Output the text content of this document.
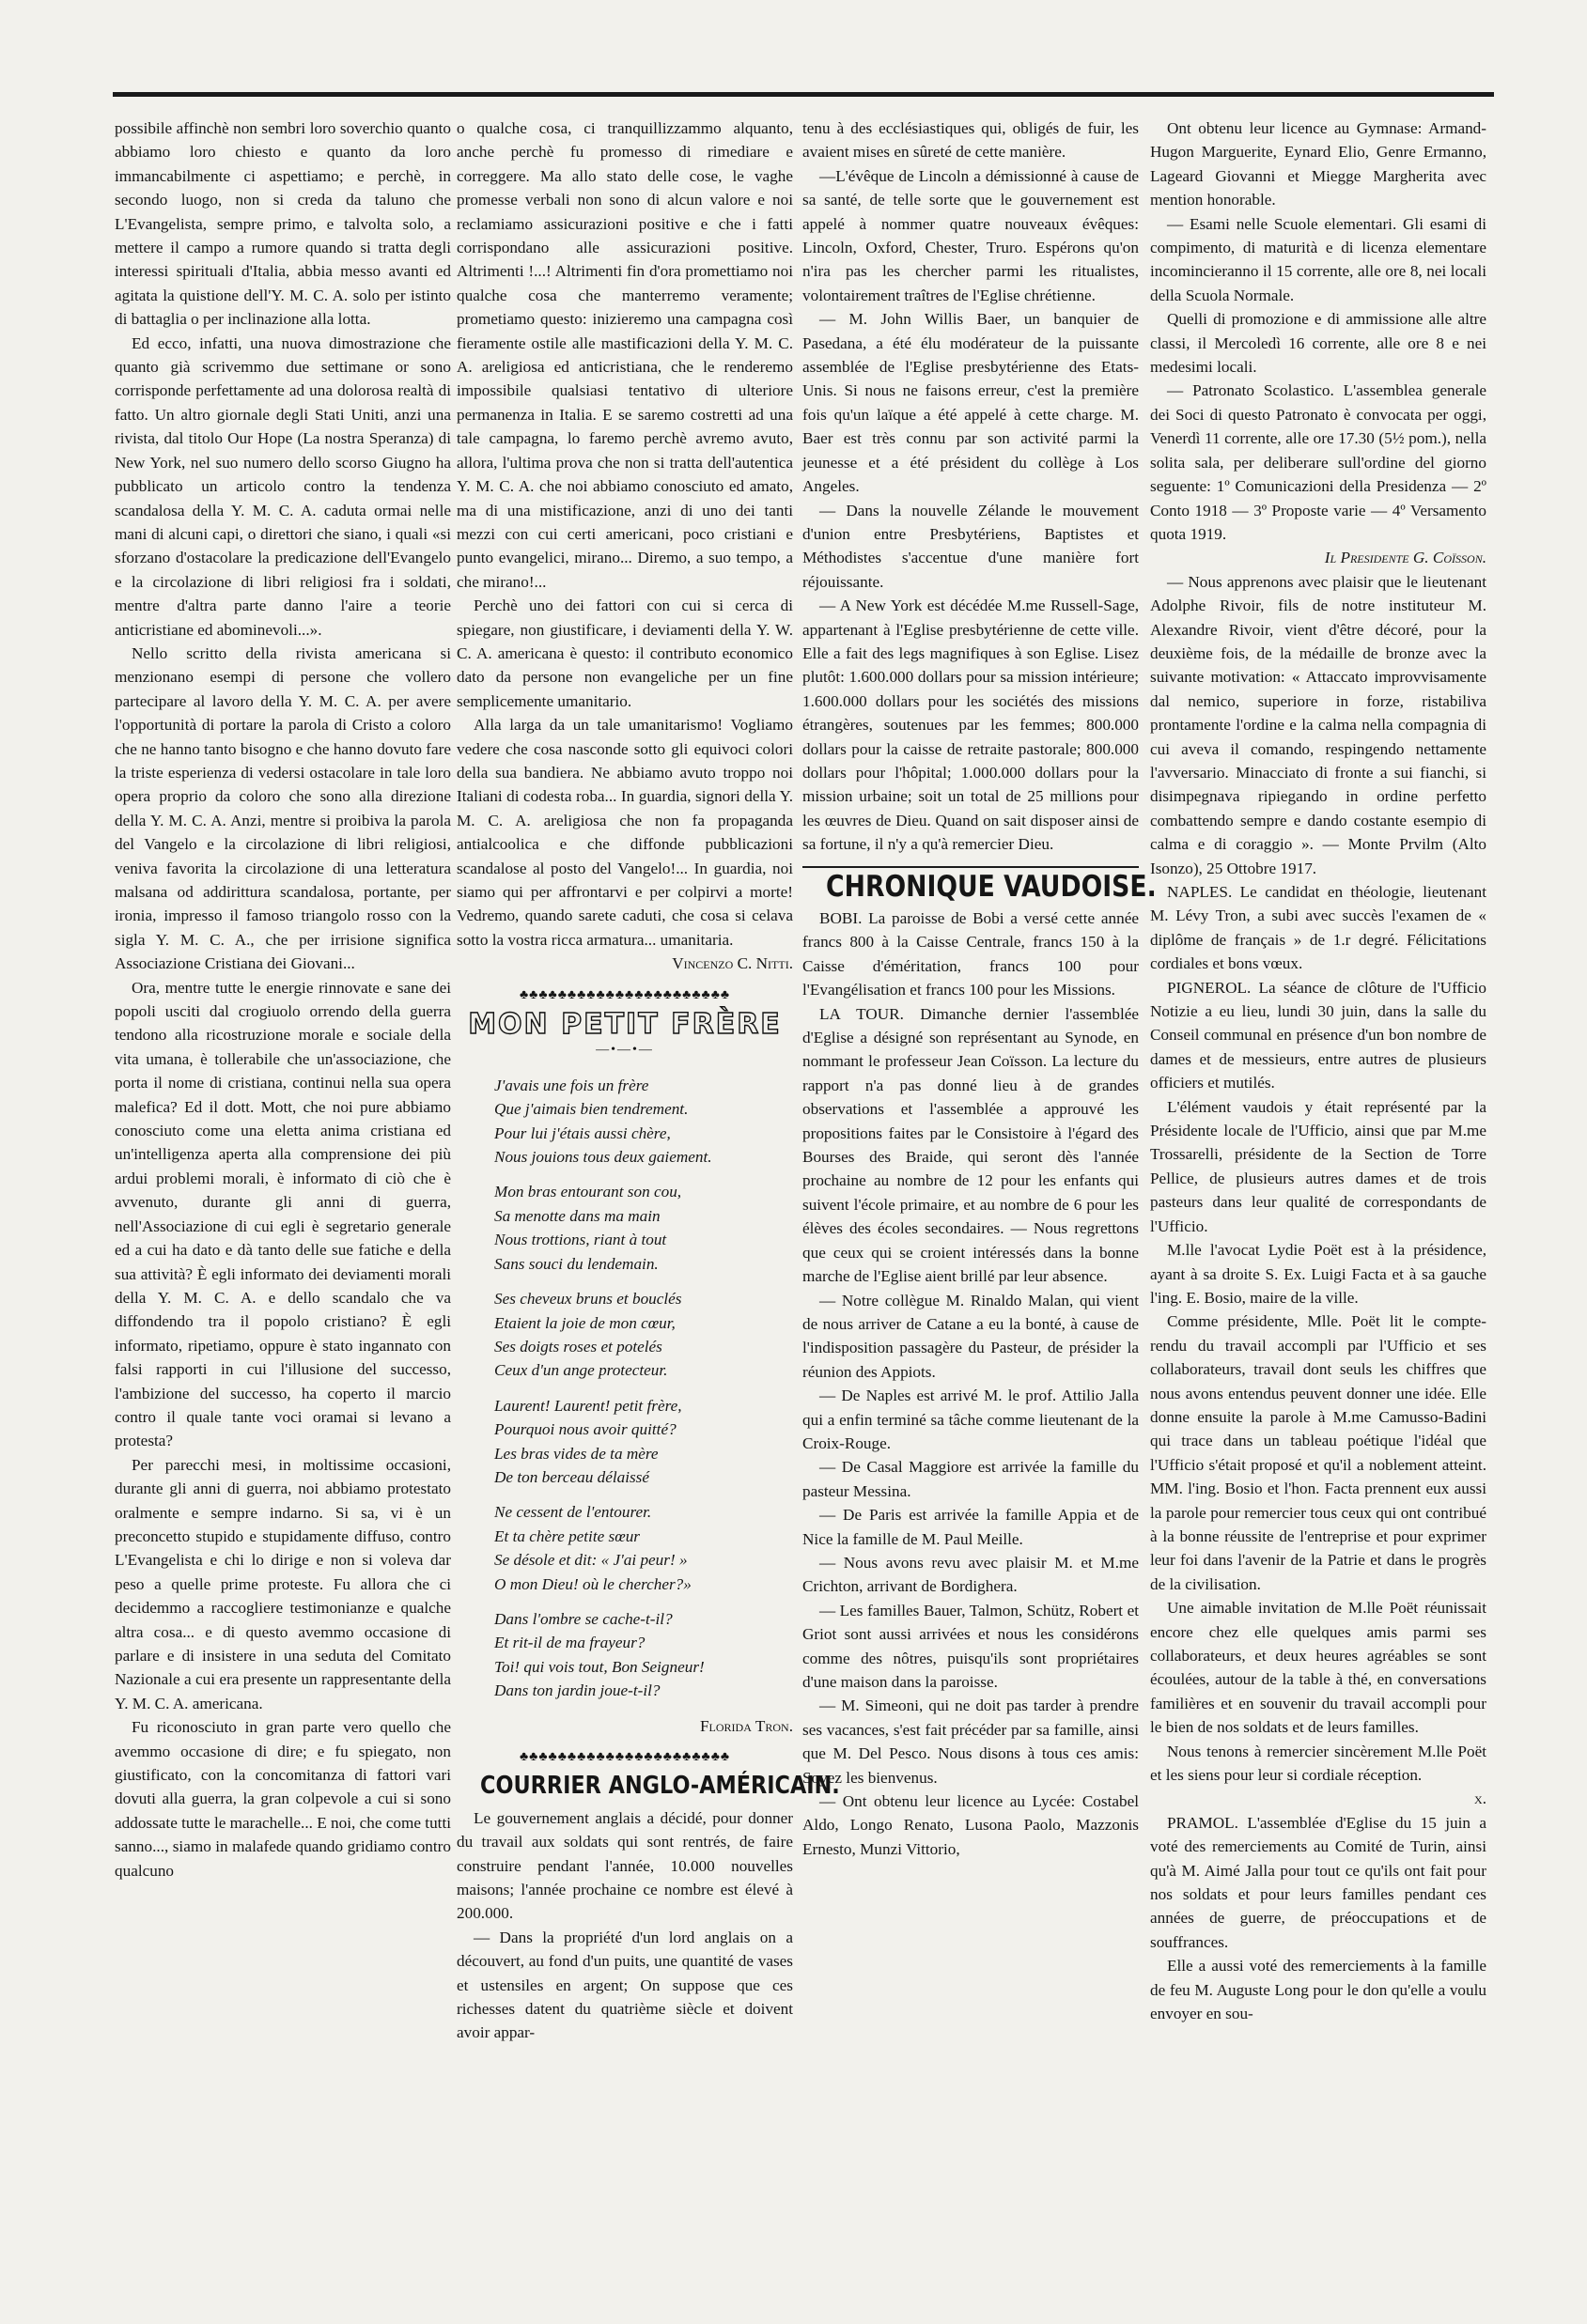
possibile affinchè non sembri loro soverchio quanto abbiamo loro chiesto e quanto da loro immancabilmente ci aspettiamo; e perchè, in secondo luogo, non si creda da taluno che L'Evangelista, sempre primo, e talvolta solo, a mettere il campo a rumore quando si tratta degli interessi spirituali d'Italia, abbia messo avanti ed agitata la quistione dell'Y. M. C. A. solo per istinto di battaglia o per inclinazione alla lotta.

Ed ecco, infatti, una nuova dimostrazione che quanto già scrivemmo due settimane or sono corrisponde perfettamente ad una dolorosa realtà di fatto. Un altro giornale degli Stati Uniti, anzi una rivista, dal titolo Our Hope (La nostra Speranza) di New York, nel suo numero dello scorso Giugno ha pubblicato un articolo contro la tendenza scandalosa della Y. M. C. A. caduta ormai nelle mani di alcuni capi, o direttori che siano, i quali «si sforzano d'ostacolare la predicazione dell'Evangelo e la circolazione di libri religiosi fra i soldati, mentre d'altra parte danno l'aire a teorie anticristiane ed abominevoli...».

Nello scritto della rivista americana si menzionano esempi di persone che vollero partecipare al lavoro della Y. M. C. A. per avere l'opportunità di portare la parola di Cristo a coloro che ne hanno tanto bisogno e che hanno dovuto fare la triste esperienza di vedersi ostacolare in tale loro opera proprio da coloro che sono alla direzione della Y. M. C. A. Anzi, mentre si proibiva la parola del Vangelo e la circolazione di libri religiosi, veniva favorita la circolazione di una letteratura malsana od addirittura scandalosa, portante, per ironia, impresso il famoso triangolo rosso con la sigla Y. M. C. A., che per irrisione significa Associazione Cristiana dei Giovani...

Ora, mentre tutte le energie rinnovate e sane dei popoli usciti dal crogiuolo orrendo della guerra tendono alla ricostruzione morale e sociale della vita umana, è tollerabile che un'associazione, che porta il nome di cristiana, continui nella sua opera malefica? Ed il dott. Mott, che noi pure abbiamo conosciuto come una eletta anima cristiana ed un'intelligenza aperta alla comprensione dei più ardui problemi morali, è informato di ciò che è avvenuto, durante gli anni di guerra, nell'Associazione di cui egli è segretario generale ed a cui ha dato e dà tanto delle sue fatiche e della sua attività? È egli informato dei deviamenti morali della Y. M. C. A. e dello scandalo che va diffondendo tra il popolo cristiano? È egli informato, ripetiamo, oppure è stato ingannato con falsi rapporti in cui l'illusione del successo, l'ambizione del successo, ha coperto il marcio contro il quale tante voci oramai si levano a protesta?

Per parecchi mesi, in moltissime occasioni, durante gli anni di guerra, noi abbiamo protestato oralmente e sempre indarno. Si sa, vi è un preconcetto stupido e stupidamente diffuso, contro L'Evangelista e chi lo dirige e non si voleva dar peso a quelle prime proteste. Fu allora che ci decidemmo a raccogliere testimonianze e qualche altra cosa... e di questo avemmo occasione di parlare e di insistere in una seduta del Comitato Nazionale a cui era presente un rappresentante della Y. M. C. A. americana.

Fu riconosciuto in gran parte vero quello che avemmo occasione di dire; e fu spiegato, non giustificato, con la concomitanza di fattori vari dovuti alla guerra, la gran colpevole a cui si sono addossate tutte le marachelle... E noi, che come tutti sanno..., siamo in malafede quando gridiamo contro qualcuno

o qualche cosa, ci tranquillizzammo alquanto, anche perchè fu promesso di rimediare e correggere. Ma allo stato delle cose, le vaghe promesse verbali non sono di alcun valore e noi reclamiamo assicurazioni positive e che i fatti corrispondano alle assicurazioni positive. Altrimenti !...! Altrimenti fin d'ora promettiamo noi qualche cosa che manterremo veramente; prometiamo questo: inizieremo una campagna così fieramente ostile alle mastificazioni della Y. M. C. A. areligiosa ed anticristiana, che le renderemo impossibile qualsiasi tentativo di ulteriore permanenza in Italia. E se saremo costretti ad una tale campagna, lo faremo perchè avremo avuto, allora, l'ultima prova che non si tratta dell'autentica Y. M. C. A. che noi abbiamo conosciuto ed amato, ma di una mistificazione, anzi di uno dei tanti mezzi con cui certi americani, poco cristiani e punto evangelici, mirano... Diremo, a suo tempo, a che mirano!...

Perchè uno dei fattori con cui si cerca di spiegare, non giustificare, i deviamenti della Y. W. C. A. americana è questo: il contributo economico dato da persone non evangeliche per un fine semplicemente umanitario.

Alla larga da un tale umanitarismo! Vogliamo vedere che cosa nasconde sotto gli equivoci colori della sua bandiera. Ne abbiamo avuto troppo noi Italiani di codesta roba... In guardia, signori della Y. M. C. A. areligiosa che non fa propaganda antialcoolica e che diffonde pubblicazioni scandalose al posto del Vangelo!... In guardia, noi siamo qui per affrontarvi e per colpirvi a morte! Vedremo, quando sarete caduti, che cosa si celava sotto la vostra ricca armatura... umanitaria.

Vincenzo C. Nitti.

♣♣♣♣♣♣♣♣♣♣♣♣♣♣♣♣♣♣♣♣♣♣
MON PETIT FRÈRE
—•—•—
J'avais une fois un frère
Que j'aimais bien tendrement.
Pour lui j'étais aussi chère,
Nous jouions tous deux gaiement.
Mon bras entourant son cou,
Sa menotte dans ma main
Nous trottions, riant à tout
Sans souci du lendemain.
Ses cheveux bruns et bouclés
Etaient la joie de mon cœur,
Ses doigts roses et potelés
Ceux d'un ange protecteur.
Laurent! Laurent! petit frère,
Pourquoi nous avoir quitté?
Les bras vides de ta mère
De ton berceau délaissé
Ne cessent de l'entourer.
Et ta chère petite sœur
Se désole et dit: « J'ai peur! »
O mon Dieu! où le chercher?»
Dans l'ombre se cache-t-il?
Et rit-il de ma frayeur?
Toi! qui vois tout, Bon Seigneur!
Dans ton jardin joue-t-il?

Florida Tron.

♣♣♣♣♣♣♣♣♣♣♣♣♣♣♣♣♣♣♣♣♣♣
COURRIER ANGLO-AMÉRICAIN.

Le gouvernement anglais a décidé, pour donner du travail aux soldats qui sont rentrés, de faire construire pendant l'année, 10.000 nouvelles maisons; l'année prochaine ce nombre est élevé à 200.000.

— Dans la propriété d'un lord anglais on a découvert, au fond d'un puits, une quantité de vases et ustensiles en argent; On suppose que ces richesses datent du quatrième siècle et doivent avoir appar-

tenu à des ecclésiastiques qui, obligés de fuir, les avaient mises en sûreté de cette manière.

—L'évêque de Lincoln a démissionné à cause de sa santé, de telle sorte que le gouvernement est appelé à nommer quatre nouveaux évêques: Lincoln, Oxford, Chester, Truro. Espérons qu'on n'ira pas les chercher parmi les ritualistes, volontairement traîtres de l'Eglise chrétienne.

— M. John Willis Baer, un banquier de Pasedana, a été élu modérateur de la puissante assemblée de l'Eglise presbytérienne des Etats-Unis. Si nous ne faisons erreur, c'est la première fois qu'un laïque a été appelé à cette charge. M. Baer est très connu par son activité parmi la jeunesse et a été président du collège à Los Angeles.

— Dans la nouvelle Zélande le mouvement d'union entre Presbytériens, Baptistes et Méthodistes s'accentue d'une manière fort réjouissante.

— A New York est décédée M.me Russell-Sage, appartenant à l'Eglise presbytérienne de cette ville. Elle a fait des legs magnifiques à son Eglise. Lisez plutôt: 1.600.000 dollars pour sa mission intérieure; 1.600.000 dollars pour les sociétés des missions étrangères, soutenues par les femmes; 800.000 dollars pour la caisse de retraite pastorale; 800.000 dollars pour l'hôpital; 1.000.000 dollars pour la mission urbaine; soit un total de 25 millions pour les œuvres de Dieu. Quand on sait disposer ainsi de sa fortune, il n'y a qu'à remercier Dieu.

CHRONIQUE VAUDOISE.

BOBI. La paroisse de Bobi a versé cette année francs 800 à la Caisse Centrale, francs 150 à la Caisse d'éméritation, francs 100 pour l'Evangélisation et francs 100 pour les Missions.

LA TOUR. Dimanche dernier l'assemblée d'Eglise a désigné son représentant au Synode, en nommant le professeur Jean Coïsson. La lecture du rapport n'a pas donné lieu à de grandes observations et l'assemblée a approuvé les propositions faites par le Consistoire à l'égard des Bourses des Braide, qui seront dès l'année prochaine au nombre de 12 pour les enfants qui suivent l'école primaire, et au nombre de 6 pour les élèves des écoles secondaires. — Nous regrettons que ceux qui se croient intéressés dans la bonne marche de l'Eglise aient brillé par leur absence.

— Notre collègue M. Rinaldo Malan, qui vient de nous arriver de Catane a eu la bonté, à cause de l'indisposition passagère du Pasteur, de présider la réunion des Appiots.

— De Naples est arrivé M. le prof. Attilio Jalla qui a enfin terminé sa tâche comme lieutenant de la Croix-Rouge.

— De Casal Maggiore est arrivée la famille du pasteur Messina.

— De Paris est arrivée la famille Appia et de Nice la famille de M. Paul Meille.

— Nous avons revu avec plaisir M. et M.me Crichton, arrivant de Bordighera.

— Les familles Bauer, Talmon, Schütz, Robert et Griot sont aussi arrivées et nous les considérons comme des nôtres, puisqu'ils sont propriétaires d'une maison dans la paroisse.

— M. Simeoni, qui ne doit pas tarder à prendre ses vacances, s'est fait précéder par sa famille, ainsi que M. Del Pesco. Nous disons à tous ces amis: Soyez les bienvenus.

— Ont obtenu leur licence au Lycée: Costabel Aldo, Longo Renato, Lusona Paolo, Mazzonis Ernesto, Munzi Vittorio,

Ont obtenu leur licence au Gymnase: Armand-Hugon Marguerite, Eynard Elio, Genre Ermanno, Lageard Giovanni et Miegge Margherita avec mention honorable.

— Esami nelle Scuole elementari. Gli esami di compimento, di maturità e di licenza elementare incomincieranno il 15 corrente, alle ore 8, nei locali della Scuola Normale.

Quelli di promozione e di ammissione alle altre classi, il Mercoledì 16 corrente, alle ore 8 e nei medesimi locali.

— Patronato Scolastico. L'assemblea generale dei Soci di questo Patronato è convocata per oggi, Venerdì 11 corrente, alle ore 17.30 (5½ pom.), nella solita sala, per deliberare sull'ordine del giorno seguente: 1º Comunicazioni della Presidenza — 2º Conto 1918 — 3º Proposte varie — 4º Versamento quota 1919.

Il Presidente G. Coïsson.

— Nous apprenons avec plaisir que le lieutenant Adolphe Rivoir, fils de notre instituteur M. Alexandre Rivoir, vient d'être décoré, pour la deuxième fois, de la médaille de bronze avec la suivante motivation: « Attaccato improvvisamente dal nemico, superiore in forze, ristabiliva prontamente l'ordine e la calma nella compagnia di cui aveva il comando, respingendo nettamente l'avversario. Minacciato di fronte a sui fianchi, si disimpegnava ripiegando in ordine perfetto combattendo sempre e dando costante esempio di calma e di coraggio ». — Monte Prvilm (Alto Isonzo), 25 Ottobre 1917.

NAPLES. Le candidat en théologie, lieutenant M. Lévy Tron, a subi avec succès l'examen de « diplôme de français » de 1.r degré. Félicitations cordiales et bons vœux.

PIGNEROL. La séance de clôture de l'Ufficio Notizie a eu lieu, lundi 30 juin, dans la salle du Conseil communal en présence d'un bon nombre de dames et de messieurs, entre autres de plusieurs officiers et mutilés.

L'élément vaudois y était représenté par la Présidente locale de l'Ufficio, ainsi que par M.me Trossarelli, présidente de la Section de Torre Pellice, de plusieurs autres dames et de trois pasteurs dans leur qualité de correspondants de l'Ufficio.

M.lle l'avocat Lydie Poët est à la présidence, ayant à sa droite S. Ex. Luigi Facta et à sa gauche l'ing. E. Bosio, maire de la ville.

Comme présidente, Mlle. Poët lit le compte-rendu du travail accompli par l'Ufficio et ses collaborateurs, travail dont seuls les chiffres que nous avons entendus peuvent donner une idée. Elle donne ensuite la parole à M.me Camusso-Badini qui trace dans un tableau poétique l'idéal que l'Ufficio s'était proposé et qu'il a noblement atteint. MM. l'ing. Bosio et l'hon. Facta prennent eux aussi la parole pour remercier tous ceux qui ont contribué à la bonne réussite de l'entreprise et pour exprimer leur foi dans l'avenir de la Patrie et dans le progrès de la civilisation.

Une aimable invitation de M.lle Poët réunissait encore chez elle quelques amis parmi ses collaborateurs, et deux heures agréables se sont écoulées, autour de la table à thé, en conversations familières et en souvenir du travail accompli pour le bien de nos soldats et de leurs familles.

Nous tenons à remercier sincèrement M.lle Poët et les siens pour leur si cordiale réception.

x.

PRAMOL. L'assemblée d'Eglise du 15 juin a voté des remerciements au Comité de Turin, ainsi qu'à M. Aimé Jalla pour tout ce qu'ils ont fait pour nos soldats et pour leurs familles pendant ces années de guerre, de préoccupations et de souffrances.

Elle a aussi voté des remerciements à la famille de feu M. Auguste Long pour le don qu'elle a voulu envoyer en sou-
